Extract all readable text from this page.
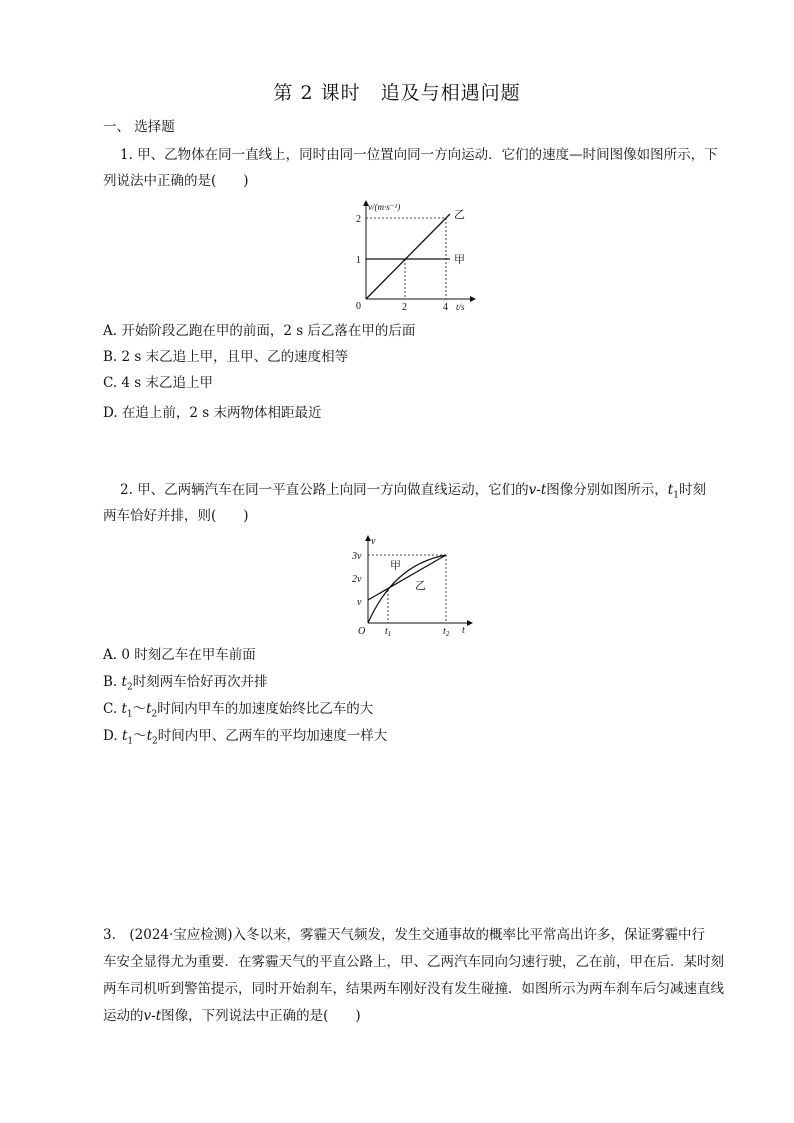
第 2 课时　追及与相遇问题
一、 选择题
1. 甲、乙物体在同一直线上，同时由同一位置向同一方向运动．它们的速度—时间图像如图所示，下
列说法中正确的是(　　)
v/(m·s⁻¹)
2
1
0	2	4 t/s
甲
乙
A. 开始阶段乙跑在甲的前面，2 s 后乙落在甲的后面
B. 2 s 末乙追上甲，且甲、乙的速度相等
C. 4 s 末乙追上甲
D. 在追上前，2 s 末两物体相距最近
2. 甲、乙两辆汽车在同一平直公路上向同一方向做直线运动，它们的v-t图像分别如图所示，$t_1$时刻
两车恰好并排，则(　　)
3v
2v
v
v
O $t_1$	$t_2$ t
甲
乙
A. 0 时刻乙车在甲车前面
B. $t_2$时刻两车恰好再次并排
C. $t_1\sim t_2$时间内甲车的加速度始终比乙车的大
D. $t_1\sim t_2$时间内甲、乙两车的平均加速度一样大
3.　(2024·宝应检测)入冬以来，雾霾天气频发，发生交通事故的概率比平常高出许多，保证雾霾中行
车安全显得尤为重要．在雾霾天气的平直公路上，甲、乙两汽车同向匀速行驶，乙在前，甲在后．某时刻
两车司机听到警笛提示，同时开始刹车，结果两车刚好没有发生碰撞．如图所示为两车刹车后匀减速直线
运动的v-t图像，下列说法中正确的是(　　)
